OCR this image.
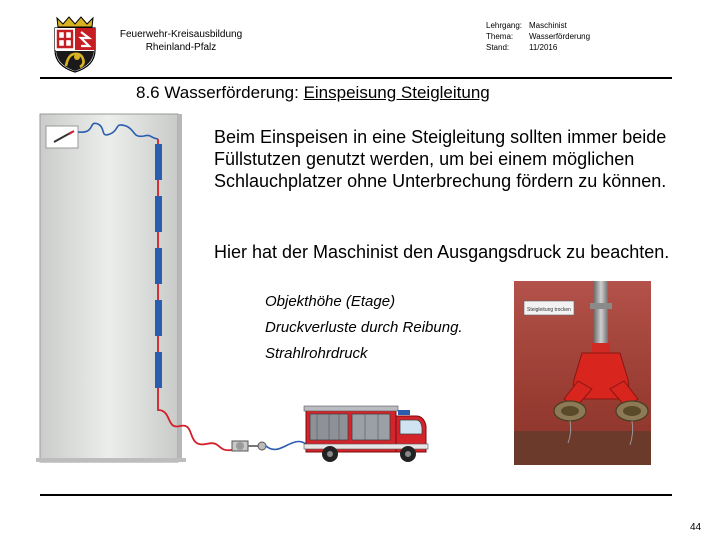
Feuerwehr-Kreisausbildung
Rheinland-Pfalz
Lehrgang: Maschinist
Thema:	Wasserförderung
Stand:	11/2016
8.6 Wasserförderung: Einspeisung Steigleitung
Beim Einspeisen in eine Steigleitung sollten immer beide Füllstutzen genutzt werden, um bei einem möglichen Schlauchplatzer ohne Unterbrechung fördern zu können.
Hier hat der Maschinist den Ausgangsdruck zu beachten.
Objekthöhe (Etage)
Druckverluste durch Reibung.
Strahlrohrdruck
Steigleitung trocken
44
